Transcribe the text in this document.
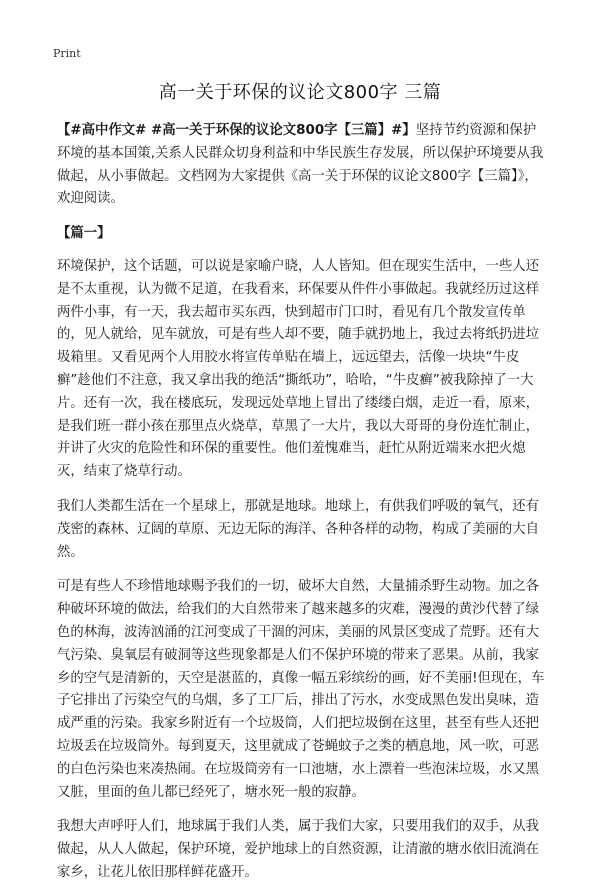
Print
高一关于环保的议论文800字 三篇

【#高中作文# #高一关于环保的议论文800字【三篇】#】坚持节约资源和保护环境的基本国策,关系人民群众切身利益和中华民族生存发展，所以保护环境要从我做起，从小事做起。文档网为大家提供《高一关于环保的议论文800字【三篇】》，欢迎阅读。

【篇一】

环境保护，这个话题，可以说是家喻户晓，人人皆知。但在现实生活中，一些人还是不太重视，认为微不足道，在我看来，环保要从件件小事做起。我就经历过这样两件小事，有一天，我去超市买东西，快到超市门口时，看见有几个散发宣传单的，见人就给，见车就放，可是有些人却不要，随手就扔地上，我过去将纸扔进垃圾箱里。又看见两个人用胶水将宣传单贴在墙上，远远望去，活像一块块“牛皮癣”趁他们不注意，我又拿出我的绝活“撕纸功”，哈哈，“牛皮癣”被我除掉了一大片。还有一次，我在楼底玩，发现远处草地上冒出了缕缕白烟，走近一看，原来，是我们班一群小孩在那里点火烧草，草黑了一大片，我以大哥哥的身份连忙制止，并讲了火灾的危险性和环保的重要性。他们羞愧难当，赶忙从附近端来水把火熄灭，结束了烧草行动。

我们人类都生活在一个星球上，那就是地球。地球上，有供我们呼吸的氧气，还有茂密的森林、辽阔的草原、无边无际的海洋、各种各样的动物，构成了美丽的大自然。

可是有些人不珍惜地球赐予我们的一切，破坏大自然，大量捕杀野生动物。加之各种破坏环境的做法，给我们的大自然带来了越来越多的灾难，漫漫的黄沙代替了绿色的林海，波涛汹涌的江河变成了干涸的河床，美丽的风景区变成了荒野。还有大气污染、臭氧层有破洞等这些现象都是人们不保护环境的带来了恶果。从前，我家乡的空气是清新的，天空是湛蓝的，真像一幅五彩缤纷的画，好不美丽!但现在，车子它排出了污染空气的乌烟，多了工厂后，排出了污水，水变成黑色发出臭味，造成严重的污染。我家乡附近有一个垃圾筒，人们把垃圾倒在这里，甚至有些人还把垃圾丢在垃圾筒外。每到夏天，这里就成了苍蝇蚊子之类的栖息地，风一吹，可恶的白色污染也来凑热闹。在垃圾筒旁有一口池塘，水上漂着一些泡沫垃圾，水又黑又脏，里面的鱼儿都已经死了，塘水死一般的寂静。

我想大声呼吁人们，地球属于我们人类，属于我们大家，只要用我们的双手，从我做起，从人人做起，保护环境，爱护地球上的自然资源，让清澈的塘水依旧流淌在家乡，让花儿依旧那样鲜花盛开。
